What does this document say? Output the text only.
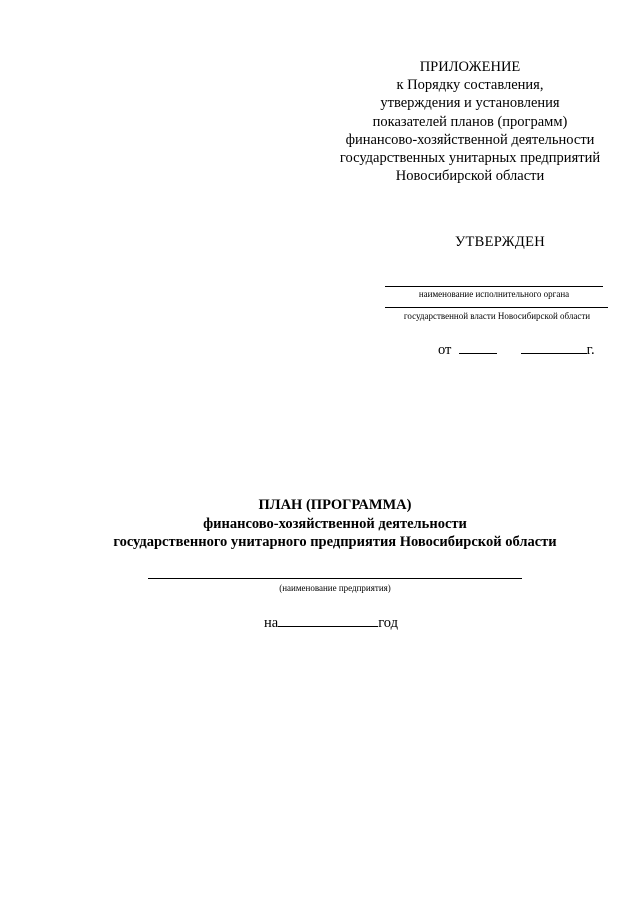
ПРИЛОЖЕНИЕ
к Порядку составления,
утверждения и установления
показателей планов (программ)
финансово-хозяйственной деятельности
государственных унитарных предприятий
Новосибирской области
УТВЕРЖДЕН
наименование исполнительного органа
государственной власти Новосибирской области
от	г.
ПЛАН (ПРОГРАММА)
финансово-хозяйственной деятельности
государственного унитарного предприятия Новосибирской области
(наименование предприятия)
на	год
